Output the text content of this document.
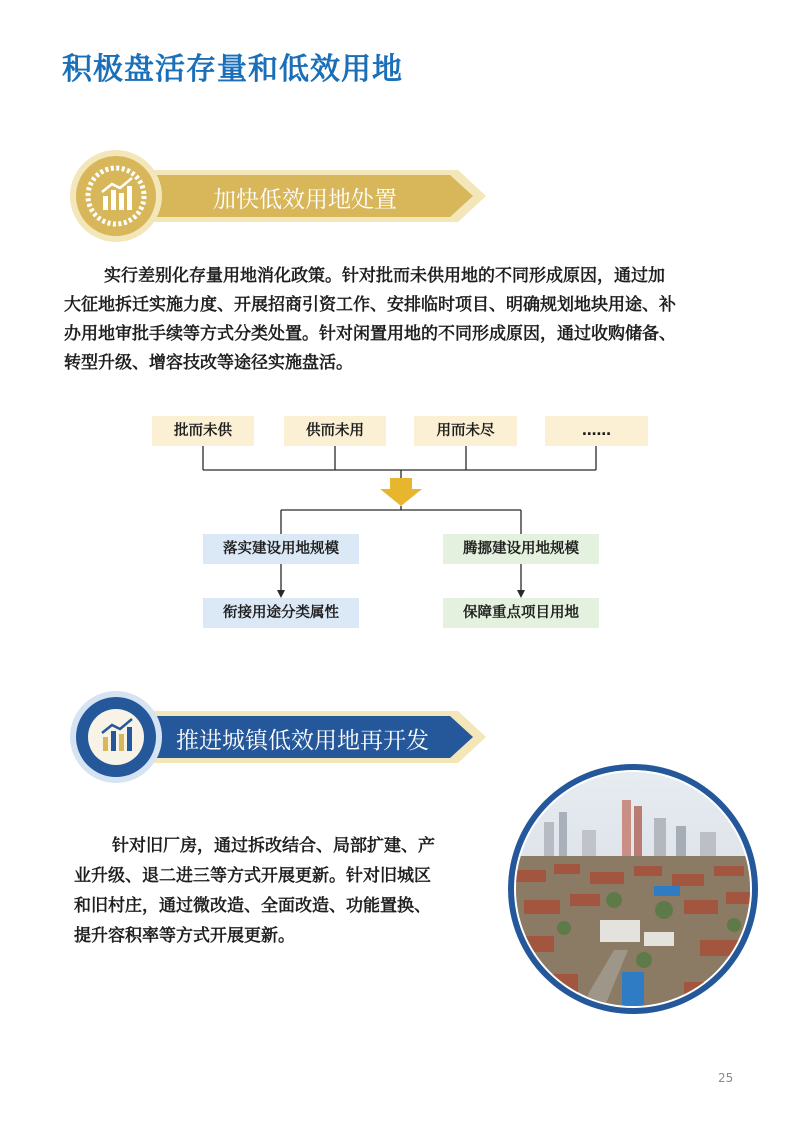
积极盘活存量和低效用地
加快低效用地处置

实行差别化存量用地消化政策。针对批而未供用地的不同形成原因，通过加

大征地拆迁实施力度、开展招商引资工作、安排临时项目、明确规划地块用途、补

办用地审批手续等方式分类处置。针对闲置用地的不同形成原因，通过收购储备、

转型升级、增容技改等途径实施盘活。

批而未供	供而未用	用而未尽	……
落实建设用地规模
衔接用途分类属性
腾挪建设用地规模
保障重点项目用地
推进城镇低效用地再开发

针对旧厂房，通过拆改结合、局部扩建、产

业升级、退二进三等方式开展更新。针对旧城区

和旧村庄，通过微改造、全面改造、功能置换、

提升容积率等方式开展更新。

25
